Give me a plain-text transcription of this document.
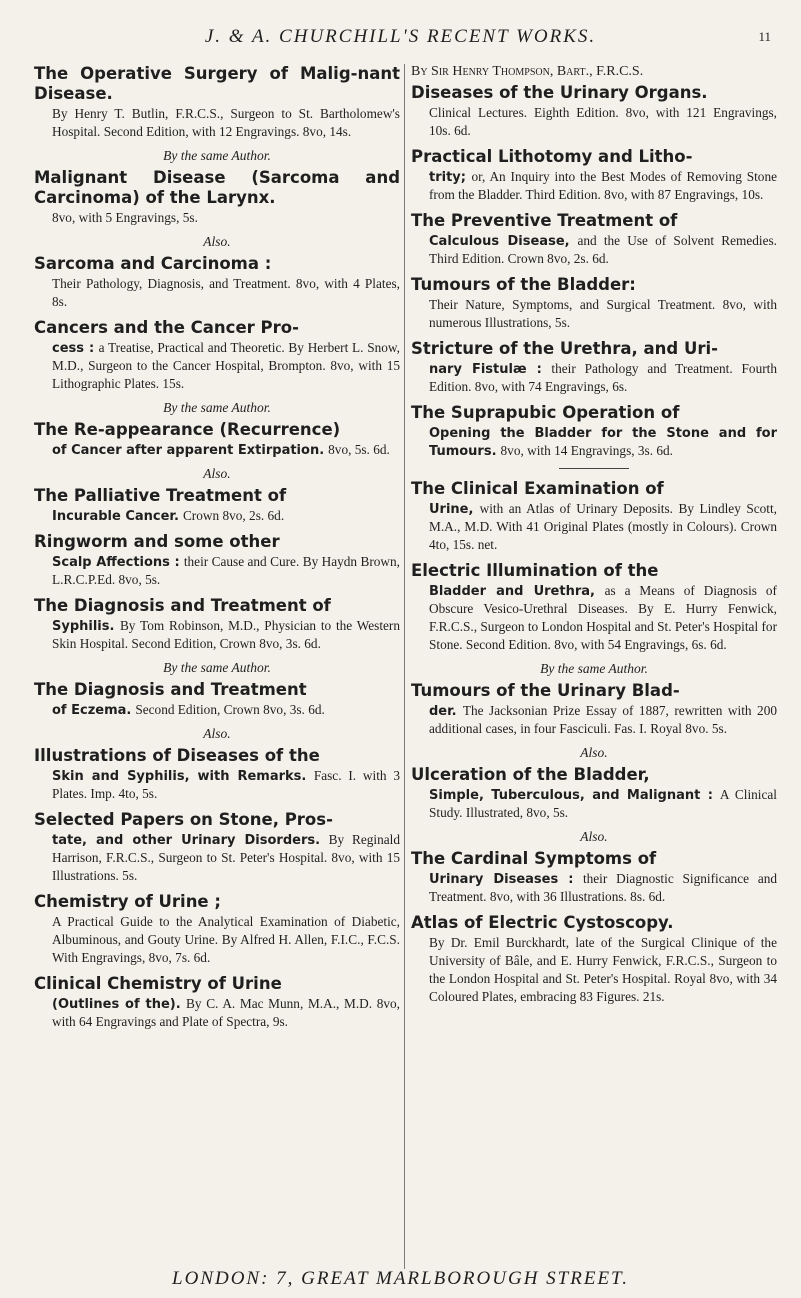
J. & A. CHURCHILL'S RECENT WORKS.	11
The Operative Surgery of Malig-nant Disease.
By Henry T. Butlin, F.R.C.S., Surgeon to St. Bartholomew's Hospital. Second Edition, with 12 Engravings. 8vo, 14s.
By the same Author.
Malignant Disease (Sarcoma and Carcinoma) of the Larynx.
8vo, with 5 Engravings, 5s.
Also.
Sarcoma and Carcinoma :
Their Pathology, Diagnosis, and Treatment. 8vo, with 4 Plates, 8s.
Cancers and the Cancer Pro-
cess : a Treatise, Practical and Theoretic. By Herbert L. Snow, M.D., Surgeon to the Cancer Hospital, Brompton. 8vo, with 15 Lithographic Plates. 15s.
By the same Author.
The Re-appearance (Recurrence)
of Cancer after apparent Extirpation. 8vo, 5s. 6d.
Also.
The Palliative Treatment of
Incurable Cancer. Crown 8vo, 2s. 6d.
Ringworm and some other
Scalp Affections : their Cause and Cure. By Haydn Brown, L.R.C.P.Ed. 8vo, 5s.
The Diagnosis and Treatment of
Syphilis. By Tom Robinson, M.D., Physician to the Western Skin Hospital. Second Edition, Crown 8vo, 3s. 6d.
By the same Author.
The Diagnosis and Treatment
of Eczema. Second Edition, Crown 8vo, 3s. 6d.
Also.
Illustrations of Diseases of the
Skin and Syphilis, with Remarks. Fasc. I. with 3 Plates. Imp. 4to, 5s.
Selected Papers on Stone, Pros-
tate, and other Urinary Disorders. By Reginald Harrison, F.R.C.S., Surgeon to St. Peter's Hospital. 8vo, with 15 Illustrations. 5s.
Chemistry of Urine ;
A Practical Guide to the Analytical Examination of Diabetic, Albuminous, and Gouty Urine. By Alfred H. Allen, F.I.C., F.C.S. With Engravings, 8vo, 7s. 6d.
Clinical Chemistry of Urine
(Outlines of the). By C. A. Mac Munn, M.A., M.D. 8vo, with 64 Engravings and Plate of Spectra, 9s.
By Sir Henry Thompson, Bart., F.R.C.S.
Diseases of the Urinary Organs.
Clinical Lectures. Eighth Edition. 8vo, with 121 Engravings, 10s. 6d.
Practical Lithotomy and Litho-
trity; or, An Inquiry into the Best Modes of Removing Stone from the Bladder. Third Edition. 8vo, with 87 Engravings, 10s.
The Preventive Treatment of
Calculous Disease, and the Use of Solvent Remedies. Third Edition. Crown 8vo, 2s. 6d.
Tumours of the Bladder:
Their Nature, Symptoms, and Surgical Treatment. 8vo, with numerous Illustrations, 5s.
Stricture of the Urethra, and Uri-
nary Fistulæ : their Pathology and Treatment. Fourth Edition. 8vo, with 74 Engravings, 6s.
The Suprapubic Operation of
Opening the Bladder for the Stone and for Tumours. 8vo, with 14 Engravings, 3s. 6d.
The Clinical Examination of
Urine, with an Atlas of Urinary Deposits. By Lindley Scott, M.A., M.D. With 41 Original Plates (mostly in Colours). Crown 4to, 15s. net.
Electric Illumination of the
Bladder and Urethra, as a Means of Diagnosis of Obscure Vesico-Urethral Diseases. By E. Hurry Fenwick, F.R.C.S., Surgeon to London Hospital and St. Peter's Hospital for Stone. Second Edition. 8vo, with 54 Engravings, 6s. 6d.
By the same Author.
Tumours of the Urinary Blad-
der. The Jacksonian Prize Essay of 1887, rewritten with 200 additional cases, in four Fasciculi. Fas. I. Royal 8vo. 5s.
Also.
Ulceration of the Bladder,
Simple, Tuberculous, and Malignant : A Clinical Study. Illustrated, 8vo, 5s.
Also.
The Cardinal Symptoms of
Urinary Diseases : their Diagnostic Significance and Treatment. 8vo, with 36 Illustrations. 8s. 6d.
Atlas of Electric Cystoscopy.
By Dr. Emil Burckhardt, late of the Surgical Clinique of the University of Bâle, and E. Hurry Fenwick, F.R.C.S., Surgeon to the London Hospital and St. Peter's Hospital. Royal 8vo, with 34 Coloured Plates, embracing 83 Figures. 21s.
LONDON: 7, GREAT MARLBOROUGH STREET.
